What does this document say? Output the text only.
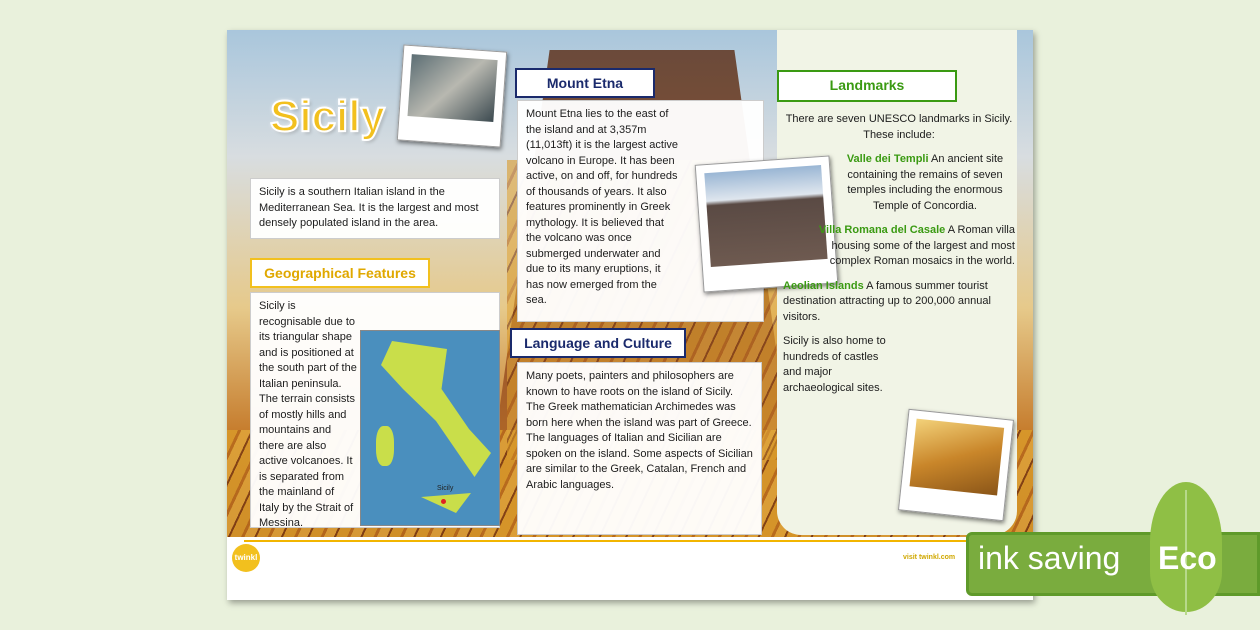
Sicily
Sicily is a southern Italian island in the Mediterranean Sea. It is the largest and most densely populated island in the area.
Geographical Features
Sicily is recognisable due to its triangular shape and is positioned at the south part of the Italian peninsula. The terrain consists of mostly hills and mountains and there are also active volcanoes. It is separated from the mainland of Italy by the Strait of Messina.
Sicily
Mount Etna
Mount Etna lies to the east of the island and at 3,357m (11,013ft) it is the largest active volcano in Europe. It has been active, on and off, for hundreds of thousands of years. It also features prominently in Greek mythology. It is believed that the volcano was once submerged underwater and due to its many eruptions, it has now emerged from the sea.
Language and Culture
Many poets, painters and philosophers are known to have roots on the island of Sicily. The Greek mathematician Archimedes was born here when the island was part of Greece. The languages of Italian and Sicilian are spoken on the island. Some aspects of Sicilian are similar to the Greek, Catalan, French and Arabic languages.
Landmarks
There are seven UNESCO landmarks in Sicily. These include:
Valle dei Templi An ancient site containing the remains of seven temples including the enormous Temple of Concordia.
Villa Romana del Casale A Roman villa housing some of the largest and most complex Roman mosaics in the world.
Aeolian Islands A famous summer tourist destination attracting up to 200,000 annual visitors.
Sicily is also home to hundreds of castles and major archaeological sites.
twinkl	visit twinkl.com ink saving Eco
